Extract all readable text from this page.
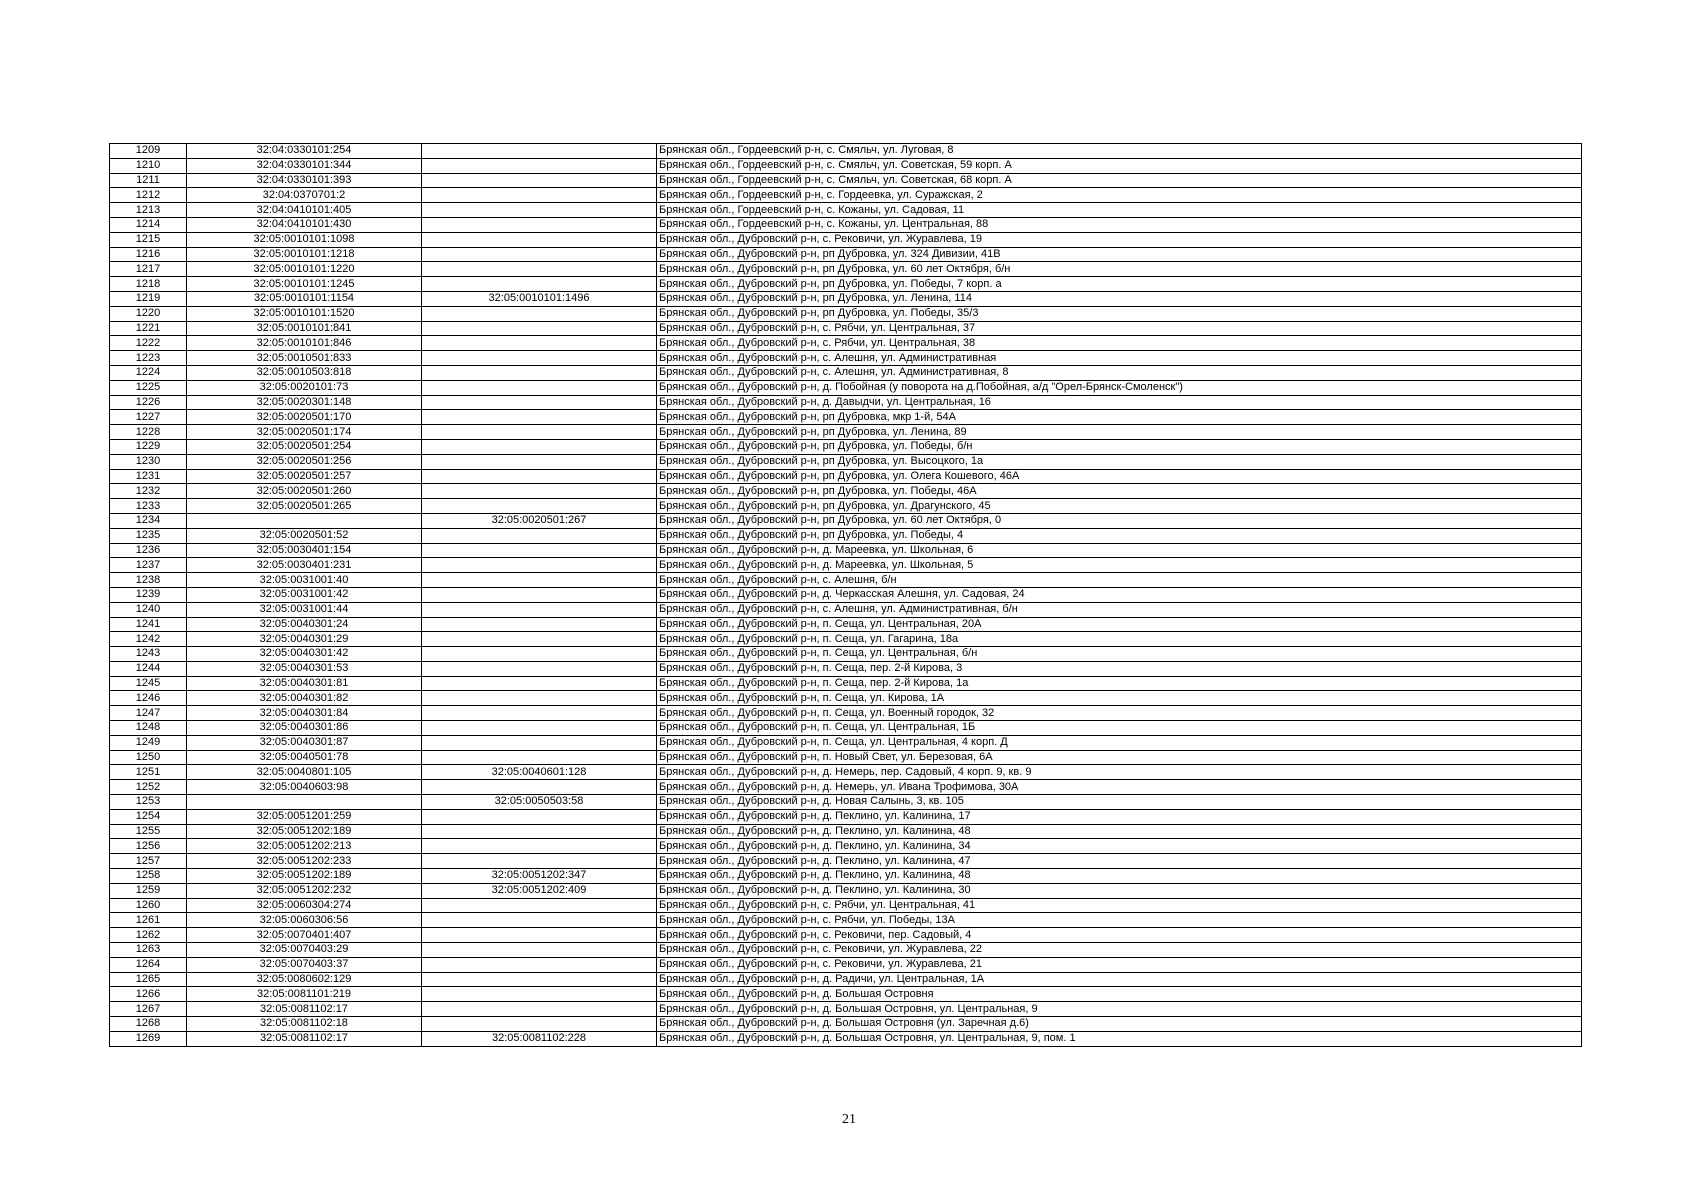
1209	32:04:0330101:254		Брянская обл., Гордеевский р-н, с. Смяльч, ул. Луговая, 8
1210	32:04:0330101:344		Брянская обл., Гордеевский р-н, с. Смяльч, ул. Советская, 59 корп. А
1211	32:04:0330101:393		Брянская обл., Гордеевский р-н, с. Смяльч, ул. Советская, 68 корп. А
1212	32:04:0370701:2		Брянская обл., Гордеевский р-н, с. Гордеевка, ул. Суражская, 2
1213	32:04:0410101:405		Брянская обл., Гордеевский р-н, с. Кожаны, ул. Садовая, 11
1214	32:04:0410101:430		Брянская обл., Гордеевский р-н, с. Кожаны, ул. Центральная, 88
1215	32:05:0010101:1098		Брянская обл., Дубровский р-н, с. Рековичи, ул. Журавлева, 19
1216	32:05:0010101:1218		Брянская обл., Дубровский р-н, рп Дубровка, ул. 324 Дивизии, 41В
1217	32:05:0010101:1220		Брянская обл., Дубровский р-н, рп Дубровка, ул. 60 лет Октября, б/н
1218	32:05:0010101:1245		Брянская обл., Дубровский р-н, рп Дубровка, ул. Победы, 7 корп. а
1219	32:05:0010101:1154	32:05:0010101:1496	Брянская обл., Дубровский р-н, рп Дубровка, ул. Ленина, 114
1220	32:05:0010101:1520		Брянская обл., Дубровский р-н, рп Дубровка, ул. Победы, 35/3
1221	32:05:0010101:841		Брянская обл., Дубровский р-н, с. Рябчи, ул. Центральная, 37
1222	32:05:0010101:846		Брянская обл., Дубровский р-н, с. Рябчи, ул. Центральная, 38
1223	32:05:0010501:833		Брянская обл., Дубровский р-н, с. Алешня, ул. Административная
1224	32:05:0010503:818		Брянская обл., Дубровский р-н, с. Алешня, ул. Административная, 8
1225	32:05:0020101:73		Брянская обл., Дубровский р-н, д. Побойная (у поворота на д.Побойная, а/д "Орел-Брянск-Смоленск")
1226	32:05:0020301:148		Брянская обл., Дубровский р-н, д. Давыдчи, ул. Центральная, 16
1227	32:05:0020501:170		Брянская обл., Дубровский р-н, рп Дубровка, мкр 1-й, 54А
1228	32:05:0020501:174		Брянская обл., Дубровский р-н, рп Дубровка, ул. Ленина, 89
1229	32:05:0020501:254		Брянская обл., Дубровский р-н, рп Дубровка, ул. Победы, б/н
1230	32:05:0020501:256		Брянская обл., Дубровский р-н, рп Дубровка, ул. Высоцкого, 1а
1231	32:05:0020501:257		Брянская обл., Дубровский р-н, рп Дубровка, ул. Олега Кошевого, 46А
1232	32:05:0020501:260		Брянская обл., Дубровский р-н, рп Дубровка, ул. Победы, 46А
1233	32:05:0020501:265		Брянская обл., Дубровский р-н, рп Дубровка, ул. Драгунского, 45
1234		32:05:0020501:267	Брянская обл., Дубровский р-н, рп Дубровка, ул. 60 лет Октября, 0
1235	32:05:0020501:52		Брянская обл., Дубровский р-н, рп Дубровка, ул. Победы, 4
1236	32:05:0030401:154		Брянская обл., Дубровский р-н, д. Мареевка, ул. Школьная, 6
1237	32:05:0030401:231		Брянская обл., Дубровский р-н, д. Мареевка, ул. Школьная, 5
1238	32:05:0031001:40		Брянская обл., Дубровский р-н, с. Алешня, б/н
1239	32:05:0031001:42		Брянская обл., Дубровский р-н, д. Черкасская Алешня, ул. Садовая, 24
1240	32:05:0031001:44		Брянская обл., Дубровский р-н, с. Алешня, ул. Административная, б/н
1241	32:05:0040301:24		Брянская обл., Дубровский р-н, п. Сеща, ул. Центральная, 20А
1242	32:05:0040301:29		Брянская обл., Дубровский р-н, п. Сеща, ул. Гагарина, 18а
1243	32:05:0040301:42		Брянская обл., Дубровский р-н, п. Сеща, ул. Центральная, б/н
1244	32:05:0040301:53		Брянская обл., Дубровский р-н, п. Сеща, пер. 2-й Кирова, 3
1245	32:05:0040301:81		Брянская обл., Дубровский р-н, п. Сеща, пер. 2-й Кирова, 1а
1246	32:05:0040301:82		Брянская обл., Дубровский р-н, п. Сеща, ул. Кирова, 1А
1247	32:05:0040301:84		Брянская обл., Дубровский р-н, п. Сеща, ул. Военный городок, 32
1248	32:05:0040301:86		Брянская обл., Дубровский р-н, п. Сеща, ул. Центральная, 1Б
1249	32:05:0040301:87		Брянская обл., Дубровский р-н, п. Сеща, ул. Центральная, 4 корп. Д
1250	32:05:0040501:78		Брянская обл., Дубровский р-н, п. Новый Свет, ул. Березовая, 6А
1251	32:05:0040801:105	32:05:0040601:128	Брянская обл., Дубровский р-н, д. Немерь, пер. Садовый, 4 корп. 9, кв. 9
1252	32:05:0040603:98		Брянская обл., Дубровский р-н, д. Немерь, ул. Ивана Трофимова, 30А
1253		32:05:0050503:58	Брянская обл., Дубровский р-н, д. Новая Салынь, 3, кв. 105
1254	32:05:0051201:259		Брянская обл., Дубровский р-н, д. Пеклино, ул. Калинина, 17
1255	32:05:0051202:189		Брянская обл., Дубровский р-н, д. Пеклино, ул. Калинина, 48
1256	32:05:0051202:213		Брянская обл., Дубровский р-н, д. Пеклино, ул. Калинина, 34
1257	32:05:0051202:233		Брянская обл., Дубровский р-н, д. Пеклино, ул. Калинина, 47
1258	32:05:0051202:189	32:05:0051202:347	Брянская обл., Дубровский р-н, д. Пеклино, ул. Калинина, 48
1259	32:05:0051202:232	32:05:0051202:409	Брянская обл., Дубровский р-н, д. Пеклино, ул. Калинина, 30
1260	32:05:0060304:274		Брянская обл., Дубровский р-н, с. Рябчи, ул. Центральная, 41
1261	32:05:0060306:56		Брянская обл., Дубровский р-н, с. Рябчи, ул. Победы, 13А
1262	32:05:0070401:407		Брянская обл., Дубровский р-н, с. Рековичи, пер. Садовый, 4
1263	32:05:0070403:29		Брянская обл., Дубровский р-н, с. Рековичи, ул. Журавлева, 22
1264	32:05:0070403:37		Брянская обл., Дубровский р-н, с. Рековичи, ул. Журавлева, 21
1265	32:05:0080602:129		Брянская обл., Дубровский р-н, д. Радичи, ул. Центральная, 1А
1266	32:05:0081101:219		Брянская обл., Дубровский р-н, д. Большая Островня
1267	32:05:0081102:17		Брянская обл., Дубровский р-н, д. Большая Островня, ул. Центральная, 9
1268	32:05:0081102:18		Брянская обл., Дубровский р-н, д. Большая Островня (ул. Заречная д.6)
1269	32:05:0081102:17	32:05:0081102:228	Брянская обл., Дубровский р-н, д. Большая Островня, ул. Центральная, 9, пом. 1
21
